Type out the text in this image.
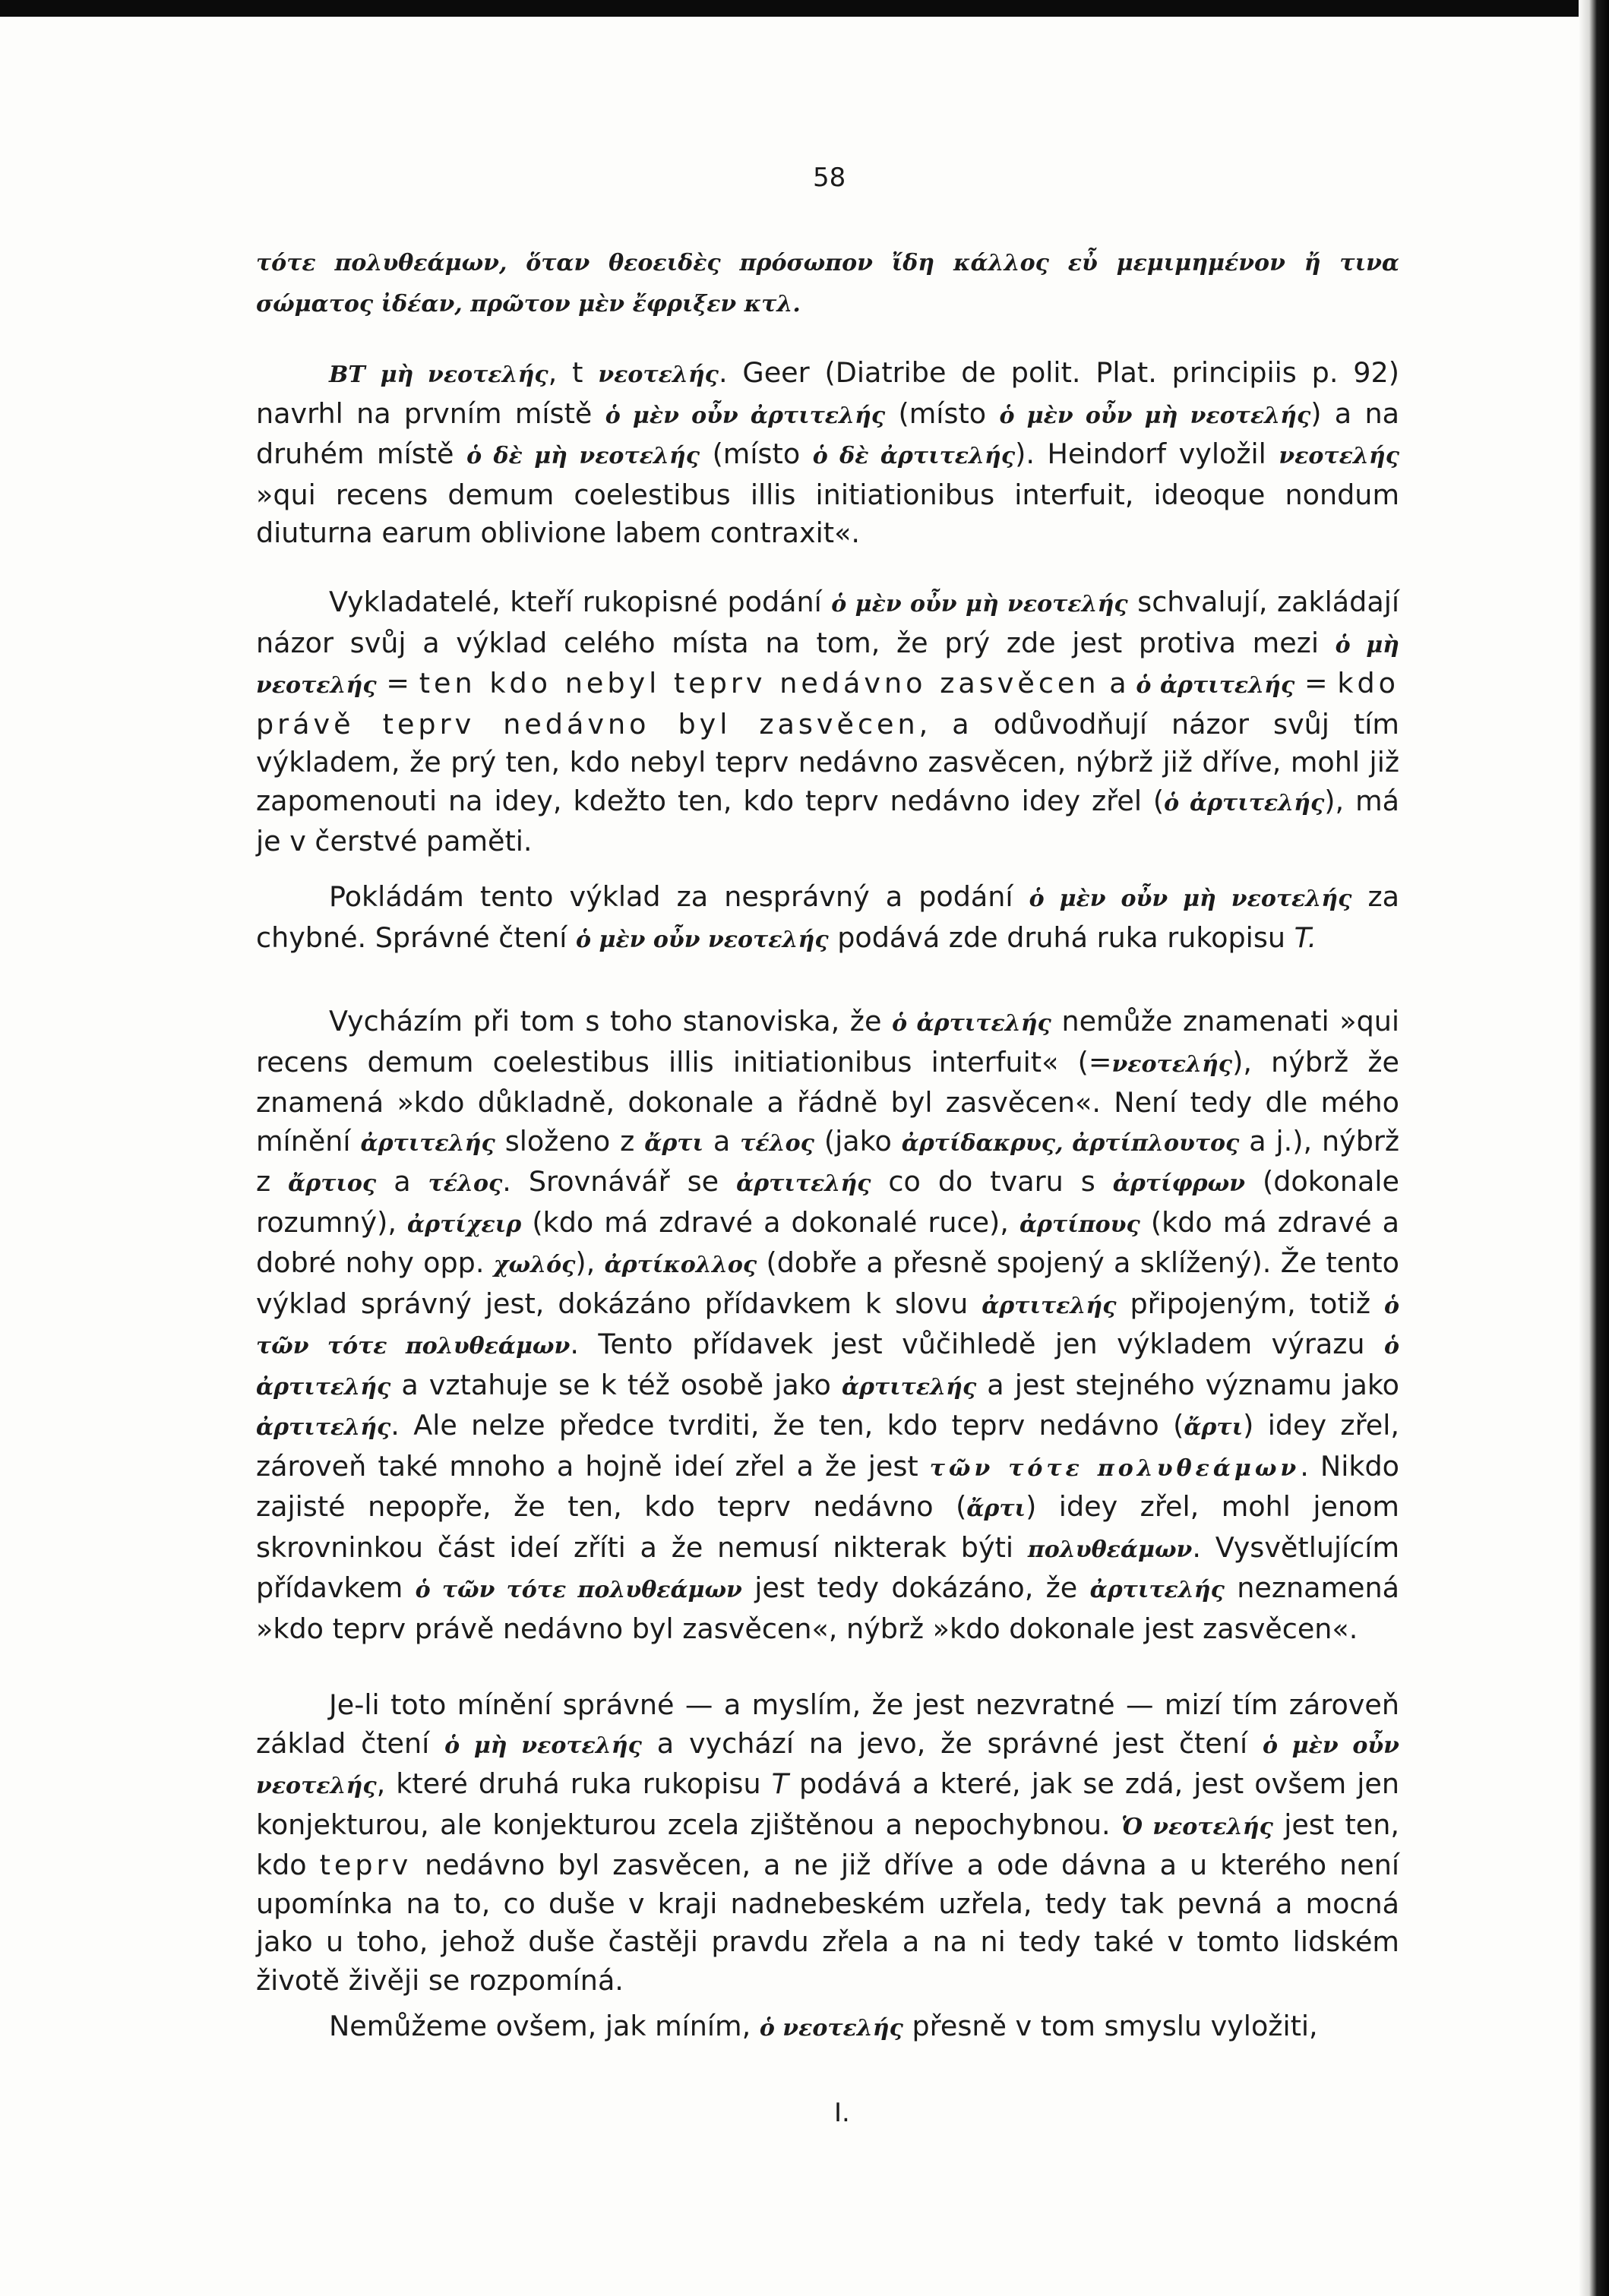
58

τότε πολυθεάμων, ὅταν θεοειδὲς πρόσωπον ἴδη κάλλος εὖ μεμιμημένον ἤ τινα σώματος ἰδέαν, πρῶτον μὲν ἔφριξεν κτλ.

BT μὴ νεοτελής, t νεοτελής. Geer (Diatribe de polit. Plat. principiis p. 92) navrhl na prvním místě ὁ μὲν οὖν ἀρτιτελής (místo ὁ μὲν οὖν μὴ νεοτελής) a na druhém místě ὁ δὲ μὴ νεοτελής (místo ὁ δὲ ἀρτιτελής). Heindorf vyložil νεοτελής »qui recens demum coelestibus illis initiationibus interfuit, ideoque nondum diuturna earum oblivione labem contraxit«.

Vykladatelé, kteří rukopisné podání ὁ μὲν οὖν μὴ νεοτελής schvalují, zakládají názor svůj a výklad celého místa na tom, že prý zde jest protiva mezi ὁ μὴ νεοτελής = ten kdo nebyl teprv nedávno zasvěcen a ὁ ἀρτιτελής = kdo právě teprv nedávno byl zasvěcen, a odůvodňují názor svůj tím výkladem, že prý ten, kdo nebyl teprv nedávno zasvěcen, nýbrž již dříve, mohl již zapomenouti na idey, kdežto ten, kdo teprv nedávno idey zřel (ὁ ἀρτιτελής), má je v čerstvé paměti.

Pokládám tento výklad za nesprávný a podání ὁ μὲν οὖν μὴ νεοτελής za chybné. Správné čtení ὁ μὲν οὖν νεοτελής podává zde druhá ruka rukopisu T.

Vycházím při tom s toho stanoviska, že ὁ ἀρτιτελής nemůže znamenati »qui recens demum coelestibus illis initiationibus interfuit« (=νεοτελής), nýbrž že znamená »kdo důkladně, dokonale a řádně byl zasvěcen«. Není tedy dle mého mínění ἀρτιτελής složeno z ἄρτι a τέλος (jako ἀρτίδακρυς, ἀρτίπλουτος a j.), nýbrž z ἄρτιος a τέλος. Srovnávář se ἀρτιτελής co do tvaru s ἀρτίφρων (dokonale rozumný), ἀρτίχειρ (kdo má zdravé a dokonalé ruce), ἀρτίπους (kdo má zdravé a dobré nohy opp. χωλός), ἀρτίκολλος (dobře a přesně spojený a sklížený). Že tento výklad správný jest, dokázáno přídavkem k slovu ἀρτιτελής připojeným, totiž ὁ τῶν τότε πολυθεάμων. Tento přídavek jest vůčihledě jen výkladem výrazu ὁ ἀρτιτελής a vztahuje se k též osobě jako ἀρτιτελής a jest stejného významu jako ἀρτιτελής. Ale nelze předce tvrditi, že ten, kdo teprv nedávno (ἄρτι) idey zřel, zároveň také mnoho a hojně ideí zřel a že jest τῶν τότε πολυθεάμων. Nikdo zajisté nepopře, že ten, kdo teprv nedávno (ἄρτι) idey zřel, mohl jenom skrovninkou část ideí zříti a že nemusí nikterak býti πολυθεάμων. Vysvětlujícím přídavkem ὁ τῶν τότε πολυθεάμων jest tedy dokázáno, že ἀρτιτελής neznamená »kdo teprv právě nedávno byl zasvěcen«, nýbrž »kdo dokonale jest zasvěcen«.

Je-li toto mínění správné — a myslím, že jest nezvratné — mizí tím zároveň základ čtení ὁ μὴ νεοτελής a vychází na jevo, že správné jest čtení ὁ μὲν οὖν νεοτελής, které druhá ruka rukopisu T podává a které, jak se zdá, jest ovšem jen konjekturou, ale konjekturou zcela zjištěnou a nepochybnou. Ὁ νεοτελής jest ten, kdo teprv nedávno byl zasvěcen, a ne již dříve a ode dávna a u kterého není upomínka na to, co duše v kraji nadnebeském uzřela, tedy tak pevná a mocná jako u toho, jehož duše častěji pravdu zřela a na ni tedy také v tomto lidském životě živěji se rozpomíná.

Nemůžeme ovšem, jak míním, ὁ νεοτελής přesně v tom smyslu vyložiti,

I.
